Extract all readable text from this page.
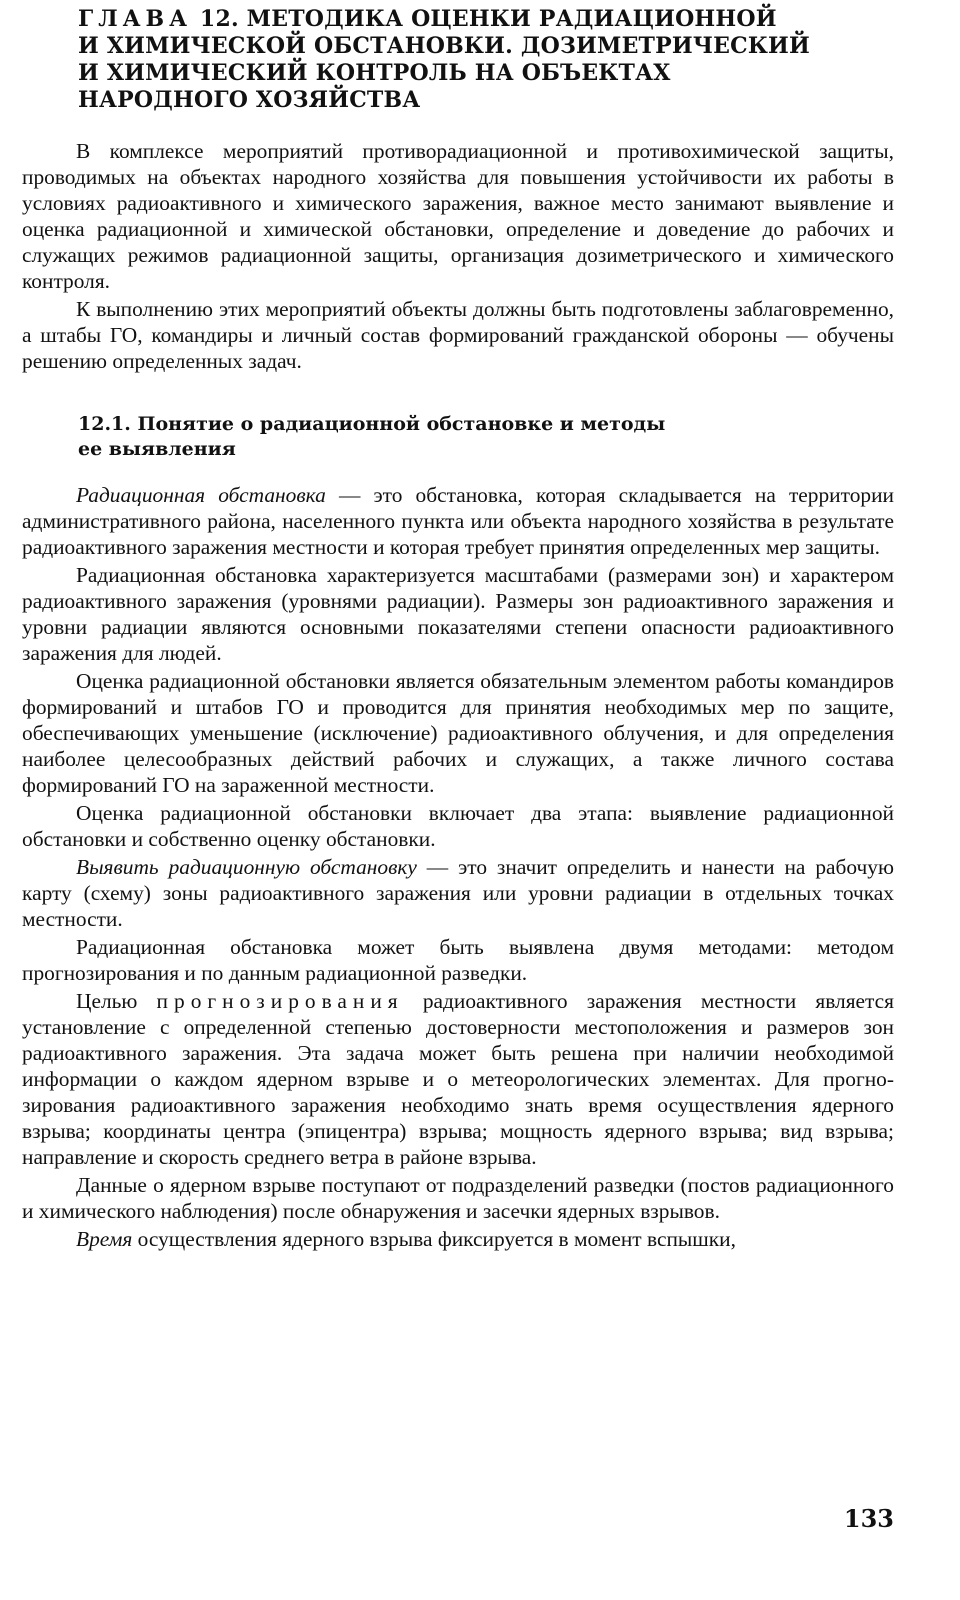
ГЛАВА 12. МЕТОДИКА ОЦЕНКИ РАДИАЦИОННОЙ
И ХИМИЧЕСКОЙ ОБСТАНОВКИ. ДОЗИМЕТРИЧЕСКИЙ
И ХИМИЧЕСКИЙ КОНТРОЛЬ НА ОБЪЕКТАХ
НАРОДНОГО ХОЗЯЙСТВА

В комплексе мероприятий противорадиационной и противохимической защиты, проводимых на объектах народного хозяйства для повышения устойчивости их работы в условиях радиоактивного и химического заражения, важное место занимают выявление и оценка радиационной и химической обстановки, определение и доведение до рабочих и служащих режимов радиационной защиты, организация дозиметрического и химического контроля.

К выполнению этих мероприятий объекты должны быть подготовлены заблаговременно, а штабы ГО, командиры и личный состав формирований гражданской обороны — обучены решению определенных задач.

12.1. Понятие о радиационной обстановке и методы
ее выявления

Радиационная обстановка — это обстановка, которая складывается на территории административного района, населенного пункта или объекта народного хозяйства в результате радиоактивного заражения местности и которая требует принятия определенных мер защиты.

Радиационная обстановка характеризуется масштабами (размерами зон) и характером радиоактивного заражения (уровнями радиации). Размеры зон радиоактивного заражения и уровни радиации являются основными показателями степени опасности радиоактивного заражения для людей.

Оценка радиационной обстановки является обязательным элементом работы командиров формирований и штабов ГО и проводится для принятия необходимых мер по защите, обеспечивающих уменьшение (исключение) радиоактивного облучения, и для определения наиболее целесообразных действий рабочих и служащих, а также личного состава формирований ГО на зараженной местности.

Оценка радиационной обстановки включает два этапа: выявление радиационной обстановки и собственно оценку обстановки.

Выявить радиационную обстановку — это значит определить и нанести на рабочую карту (схему) зоны радиоактивного заражения или уровни радиации в отдельных точках местности.

Радиационная обстановка может быть выявлена двумя методами: методом прогнозирования и по данным радиационной разведки.

Целью прогнозирования радиоактивного заражения местности является установление с определенной степенью достоверности местоположения и размеров зон радиоактивного заражения. Эта задача может быть решена при наличии необходимой информации о каждом ядерном взрыве и о метеорологических элементах. Для прогнозирования радиоактивного заражения необходимо знать время осуществления ядерного взрыва; координаты центра (эпицентра) взрыва; мощность ядерного взрыва; вид взрыва; направление и скорость среднего ветра в районе взрыва.

Данные о ядерном взрыве поступают от подразделений разведки (постов радиационного и химического наблюдения) после обнаружения и засечки ядерных взрывов.

Время осуществления ядерного взрыва фиксируется в момент вспышки,

133
